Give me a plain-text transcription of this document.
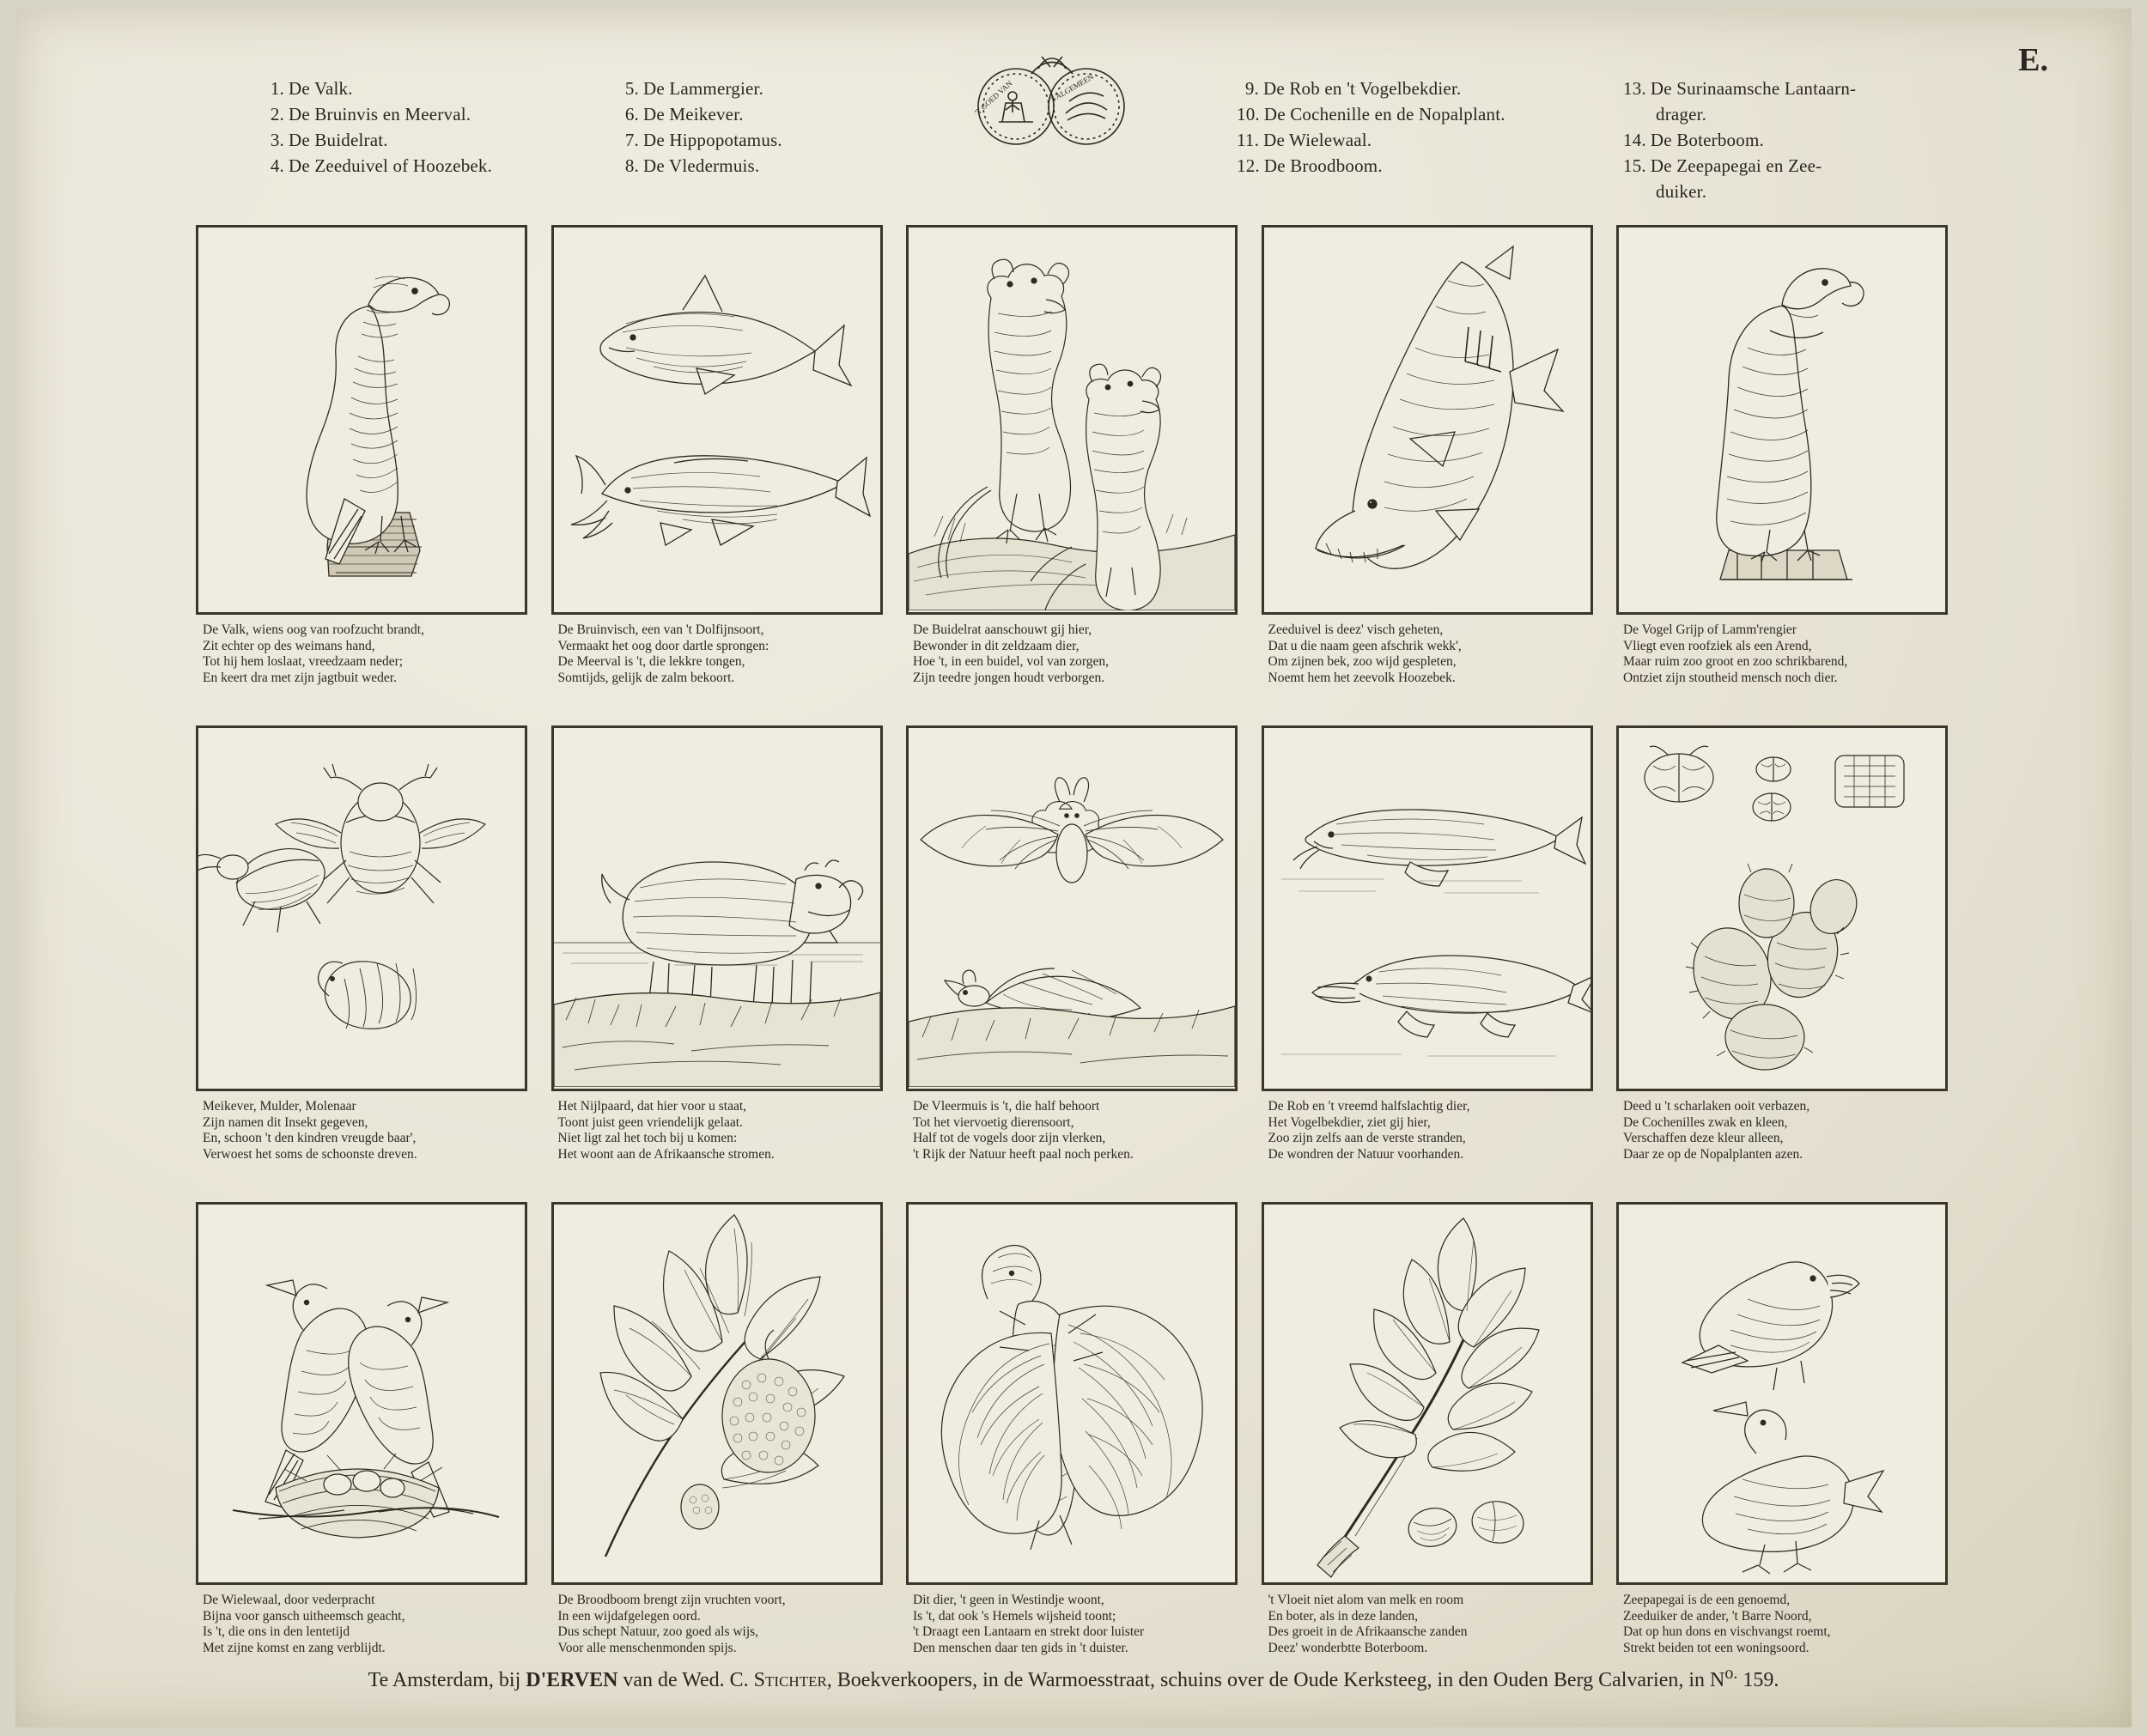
E.
1. De Valk.
2. De Bruinvis en Meerval.
3. De Buidelrat.
4. De Zeeduivel of Hoozebek.
5. De Lammergier.
6. De Meikever.
7. De Hippopotamus.
8. De Vledermuis.
9. De Rob en 't Vogelbekdier.
10. De Cochenille en de Nopalplant.
11. De Wielewaal.
12. De Broodboom.
13. De Surinaamsche Lantaarn-
drager.
14. De Boterboom.
15. De Zeepapegai en Zee-
duiker.
'T GOED VAN	'T ALGEMEEN
De Valk, wiens oog van roofzucht brandt,
Zit echter op des weimans hand,
Tot hij hem loslaat, vreedzaam neder;
En keert dra met zijn jagtbuit weder.
De Bruinvisch, een van 't Dolfijnsoort,
Vermaakt het oog door dartle sprongen:
De Meerval is 't, die lekkre tongen,
Somtijds, gelijk de zalm bekoort.
De Buidelrat aanschouwt gij hier,
Bewonder in dit zeldzaam dier,
Hoe 't, in een buidel, vol van zorgen,
Zijn teedre jongen houdt verborgen.
Zeeduivel is deez' visch geheten,
Dat u die naam geen afschrik wekk',
Om zijnen bek, zoo wijd gespleten,
Noemt hem het zeevolk Hoozebek.
De Vogel Grijp of Lamm'rengier
Vliegt even roofziek als een Arend,
Maar ruim zoo groot en zoo schrikbarend,
Ontziet zijn stoutheid mensch noch dier.
Meikever, Mulder, Molenaar
Zijn namen dit Insekt gegeven,
En, schoon 't den kindren vreugde baar',
Verwoest het soms de schoonste dreven.
Het Nijlpaard, dat hier voor u staat,
Toont juist geen vriendelijk gelaat.
Niet ligt zal het toch bij u komen:
Het woont aan de Afrikaansche stromen.
De Vleermuis is 't, die half behoort
Tot het viervoetig dierensoort,
Half tot de vogels door zijn vlerken,
't Rijk der Natuur heeft paal noch perken.
De Rob en 't vreemd halfslachtig dier,
Het Vogelbekdier, ziet gij hier,
Zoo zijn zelfs aan de verste stranden,
De wondren der Natuur voorhanden.
Deed u 't scharlaken ooit verbazen,
De Cochenilles zwak en kleen,
Verschaffen deze kleur alleen,
Daar ze op de Nopalplanten azen.
De Wielewaal, door vederpracht
Bijna voor gansch uitheemsch geacht,
Is 't, die ons in den lentetijd
Met zijne komst en zang verblijdt.
De Broodboom brengt zijn vruchten voort,
In een wijdafgelegen oord.
Dus schept Natuur, zoo goed als wijs,
Voor alle menschenmonden spijs.
Dit dier, 't geen in Westindje woont,
Is 't, dat ook 's Hemels wijsheid toont;
't Draagt een Lantaarn en strekt door luister
Den menschen daar ten gids in 't duister.
't Vloeit niet alom van melk en room
En boter, als in deze landen,
Des groeit in de Afrikaansche zanden
Deez' wonderbtte Boterboom.
Zeepapegai is de een genoemd,
Zeeduiker de ander, 't Barre Noord,
Dat op hun dons en vischvangst roemt,
Strekt beiden tot een woningsoord.
Te Amsterdam, bij D'ERVEN van de Wed. C. Stichter, Boekverkoopers, in de Warmoesstraat, schuins over de Oude Kerksteeg, in den Ouden Berg Calvarien, in $N^{o.}$ 159.
